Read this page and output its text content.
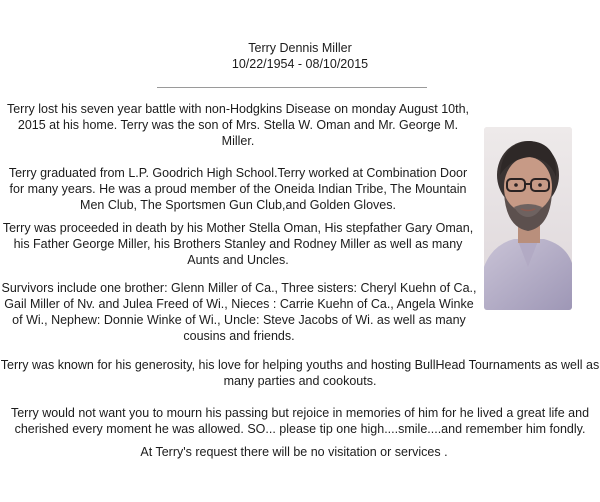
Terry Dennis Miller
10/22/1954 - 08/10/2015

Terry lost his seven year battle with non-Hodgkins Disease on monday August 10th, 2015 at his home. Terry was the son of Mrs. Stella W. Oman and Mr. George M. Miller.

Terry graduated from L.P. Goodrich High School.Terry worked at Combination Door for many years. He was a proud member of the Oneida Indian Tribe, The Mountain Men Club, The Sportsmen Gun Club,and Golden Gloves.

Terry was proceeded in death by his Mother Stella Oman, His stepfather Gary Oman, his Father George Miller, his Brothers Stanley and Rodney Miller as well as many Aunts and Uncles.

Survivors include one brother: Glenn Miller of Ca., Three sisters: Cheryl Kuehn of Ca., Gail Miller of Nv. and Julea Freed of Wi., Nieces : Carrie Kuehn of Ca., Angela Winke of Wi., Nephew: Donnie Winke of Wi., Uncle: Steve Jacobs of Wi. as well as many cousins and friends.

Terry was known for his generosity, his love for helping youths and hosting BullHead Tournaments as well as many parties and cookouts.

Terry would not want you to mourn his passing but rejoice in memories of him for he lived a great life and cherished every moment he was allowed. SO... please tip one high....smile....and remember him fondly.

At Terry's request there will be no visitation or services .
